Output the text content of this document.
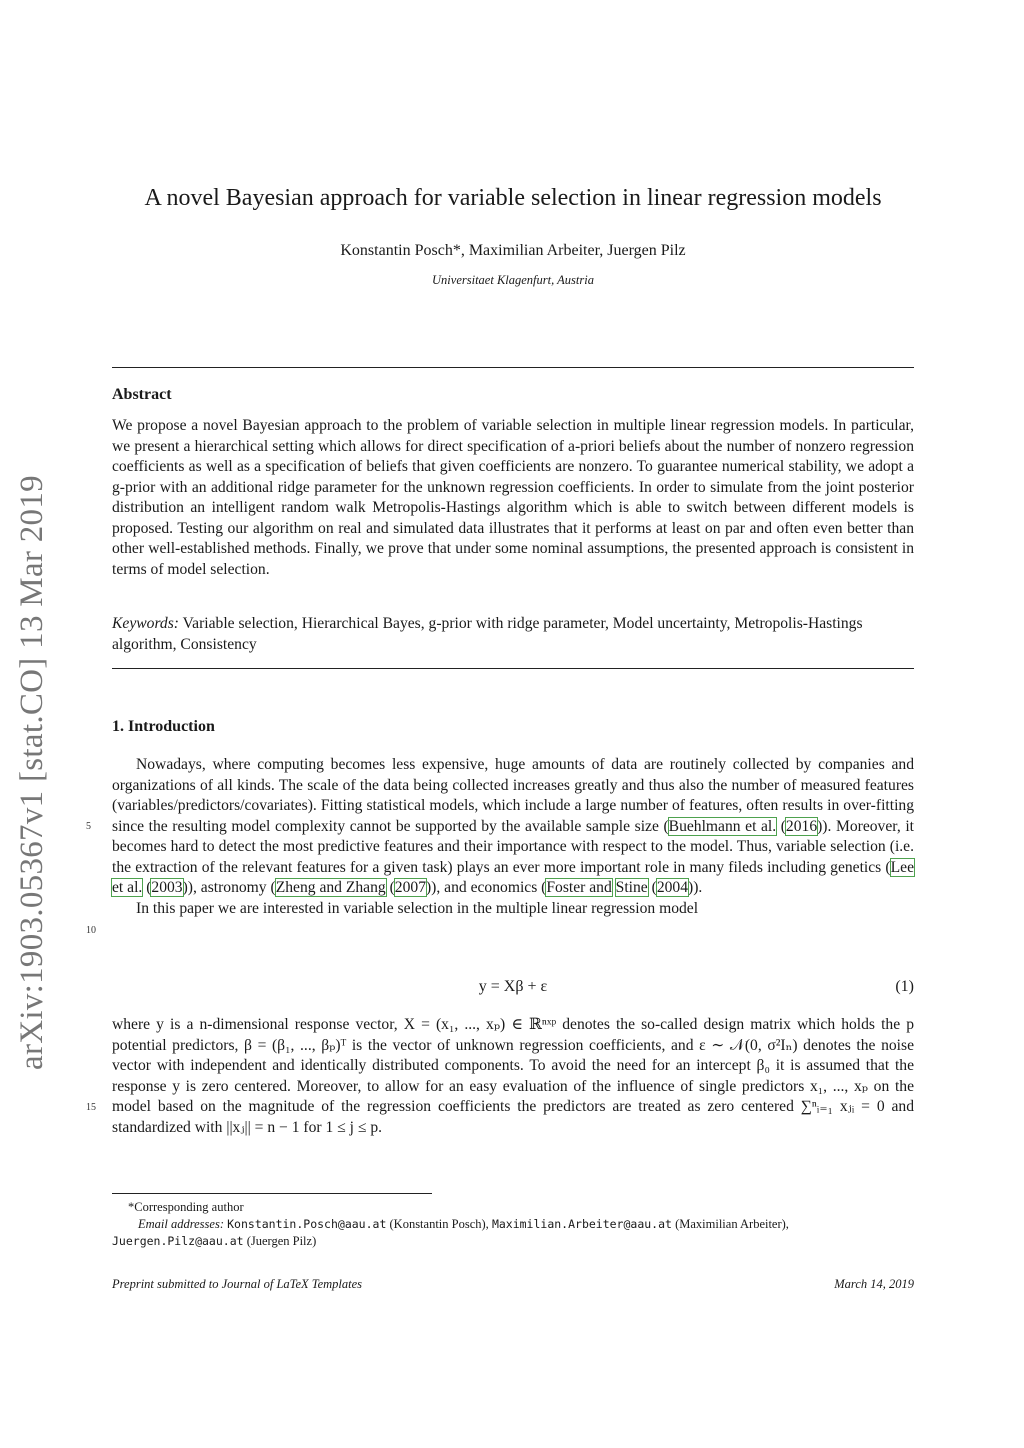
arXiv:1903.05367v1 [stat.CO] 13 Mar 2019
A novel Bayesian approach for variable selection in linear regression models
Konstantin Posch*, Maximilian Arbeiter, Juergen Pilz
Universitaet Klagenfurt, Austria
Abstract
We propose a novel Bayesian approach to the problem of variable selection in multiple linear regression models. In particular, we present a hierarchical setting which allows for direct specification of a-priori beliefs about the number of nonzero regression coefficients as well as a specification of beliefs that given coefficients are nonzero. To guarantee numerical stability, we adopt a g-prior with an additional ridge parameter for the unknown regression coefficients. In order to simulate from the joint posterior distribution an intelligent random walk Metropolis-Hastings algorithm which is able to switch between different models is proposed. Testing our algorithm on real and simulated data illustrates that it performs at least on par and often even better than other well-established methods. Finally, we prove that under some nominal assumptions, the presented approach is consistent in terms of model selection.
Keywords: Variable selection, Hierarchical Bayes, g-prior with ridge parameter, Model uncertainty, Metropolis-Hastings algorithm, Consistency
1. Introduction

Nowadays, where computing becomes less expensive, huge amounts of data are routinely collected by companies and organizations of all kinds. The scale of the data being collected increases greatly and thus also the number of measured features (variables/predictors/covariates). Fitting statistical models, which include a large number of features, often results in over-fitting since the resulting model complexity cannot be supported by the available sample size (Buehlmann et al. (2016)). Moreover, it becomes hard to detect the most predictive features and their importance with respect to the model. Thus, variable selection (i.e. the extraction of the relevant features for a given task) plays an ever more important role in many fileds including genetics (Lee et al. (2003)), astronomy (Zheng and Zhang (2007)), and economics (Foster and Stine (2004)).

In this paper we are interested in variable selection in the multiple linear regression model

y = Xβ + ε	(1)
where y is a n-dimensional response vector, X = (x₁, ..., xₚ) ∈ ℝⁿˣᵖ denotes the so-called design matrix which holds the p potential predictors, β = (β₁, ..., βₚ)ᵀ is the vector of unknown regression coefficients, and ε ∼ 𝒩(0, σ²Iₙ) denotes the noise vector with independent and identically distributed components. To avoid the need for an intercept β₀ it is assumed that the response y is zero centered. Moreover, to allow for an easy evaluation of the influence of single predictors x₁, ..., xₚ on the model based on the magnitude of the regression coefficients the predictors are treated as zero centered ∑ⁿᵢ₌₁ xⱼᵢ = 0 and standardized with ||xⱼ|| = n − 1 for 1 ≤ j ≤ p.
5
10
15
*Corresponding author
Email addresses: Konstantin.Posch@aau.at (Konstantin Posch), Maximilian.Arbeiter@aau.at (Maximilian Arbeiter),
Juergen.Pilz@aau.at (Juergen Pilz)
Preprint submitted to Journal of LaTeX Templates	March 14, 2019
